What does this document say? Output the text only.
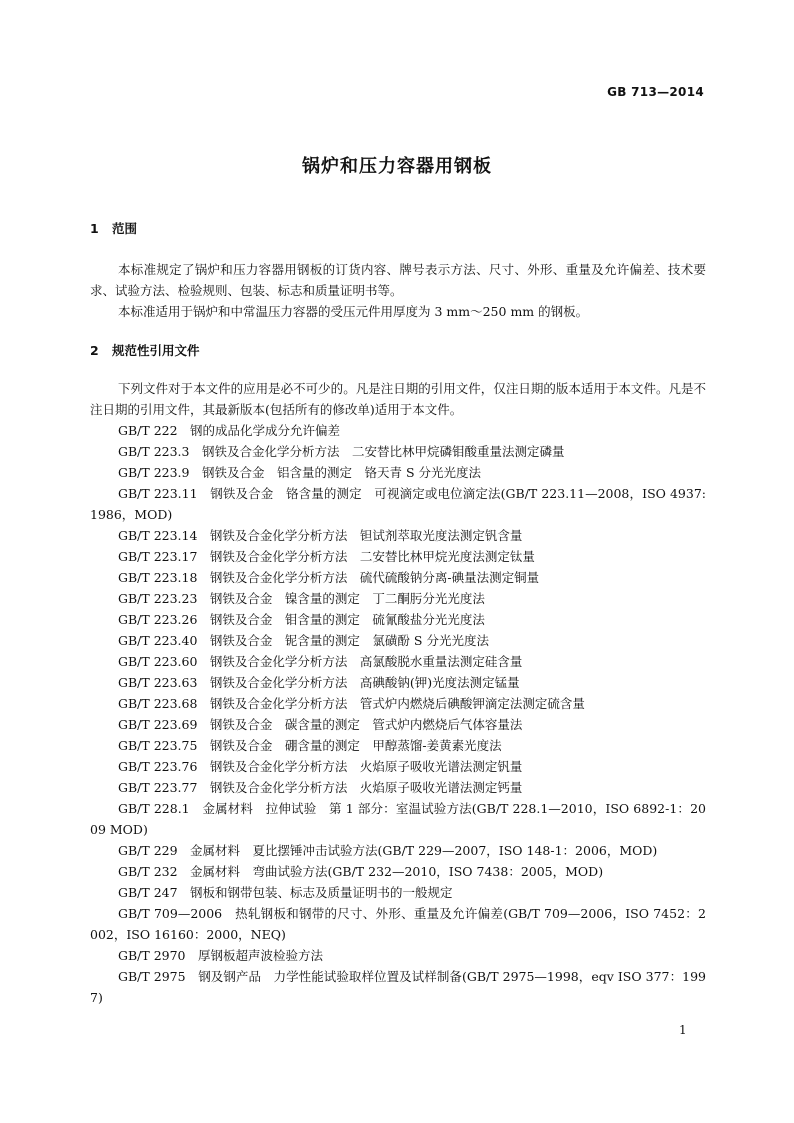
GB 713—2014
锅炉和压力容器用钢板
1 范围

本标准规定了锅炉和压力容器用钢板的订货内容、牌号表示方法、尺寸、外形、重量及允许偏差、技术要求、试验方法、检验规则、包装、标志和质量证明书等。

本标准适用于锅炉和中常温压力容器的受压元件用厚度为 3 mm～250 mm 的钢板。

2 规范性引用文件

下列文件对于本文件的应用是必不可少的。凡是注日期的引用文件，仅注日期的版本适用于本文件。凡是不注日期的引用文件，其最新版本(包括所有的修改单)适用于本文件。

GB/T 222　钢的成品化学成分允许偏差

GB/T 223.3　钢铁及合金化学分析方法　二安替比林甲烷磷钼酸重量法测定磷量

GB/T 223.9　钢铁及合金　铝含量的测定　铬天青 S 分光光度法

GB/T 223.11　钢铁及合金　铬含量的测定　可视滴定或电位滴定法(GB/T 223.11—2008，ISO 4937:1986，MOD)

GB/T 223.14　钢铁及合金化学分析方法　钽试剂萃取光度法测定钒含量

GB/T 223.17　钢铁及合金化学分析方法　二安替比林甲烷光度法测定钛量

GB/T 223.18　钢铁及合金化学分析方法　硫代硫酸钠分离-碘量法测定铜量

GB/T 223.23　钢铁及合金　镍含量的测定　丁二酮肟分光光度法

GB/T 223.26　钢铁及合金　钼含量的测定　硫氰酸盐分光光度法

GB/T 223.40　钢铁及合金　铌含量的测定　氯磺酚 S 分光光度法

GB/T 223.60　钢铁及合金化学分析方法　高氯酸脱水重量法测定硅含量

GB/T 223.63　钢铁及合金化学分析方法　高碘酸钠(钾)光度法测定锰量

GB/T 223.68　钢铁及合金化学分析方法　管式炉内燃烧后碘酸钾滴定法测定硫含量

GB/T 223.69　钢铁及合金　碳含量的测定　管式炉内燃烧后气体容量法

GB/T 223.75　钢铁及合金　硼含量的测定　甲醇蒸馏-姜黄素光度法

GB/T 223.76　钢铁及合金化学分析方法　火焰原子吸收光谱法测定钒量

GB/T 223.77　钢铁及合金化学分析方法　火焰原子吸收光谱法测定钙量

GB/T 228.1　金属材料　拉伸试验　第 1 部分：室温试验方法(GB/T 228.1—2010，ISO 6892-1：2009 MOD)

GB/T 229　金属材料　夏比摆锤冲击试验方法(GB/T 229—2007，ISO 148-1：2006，MOD)

GB/T 232　金属材料　弯曲试验方法(GB/T 232—2010，ISO 7438：2005，MOD)

GB/T 247　钢板和钢带包装、标志及质量证明书的一般规定

GB/T 709—2006　热轧钢板和钢带的尺寸、外形、重量及允许偏差(GB/T 709—2006，ISO 7452：2002，ISO 16160：2000，NEQ)

GB/T 2970　厚钢板超声波检验方法

GB/T 2975　钢及钢产品　力学性能试验取样位置及试样制备(GB/T 2975—1998，eqv ISO 377：1997)

1
